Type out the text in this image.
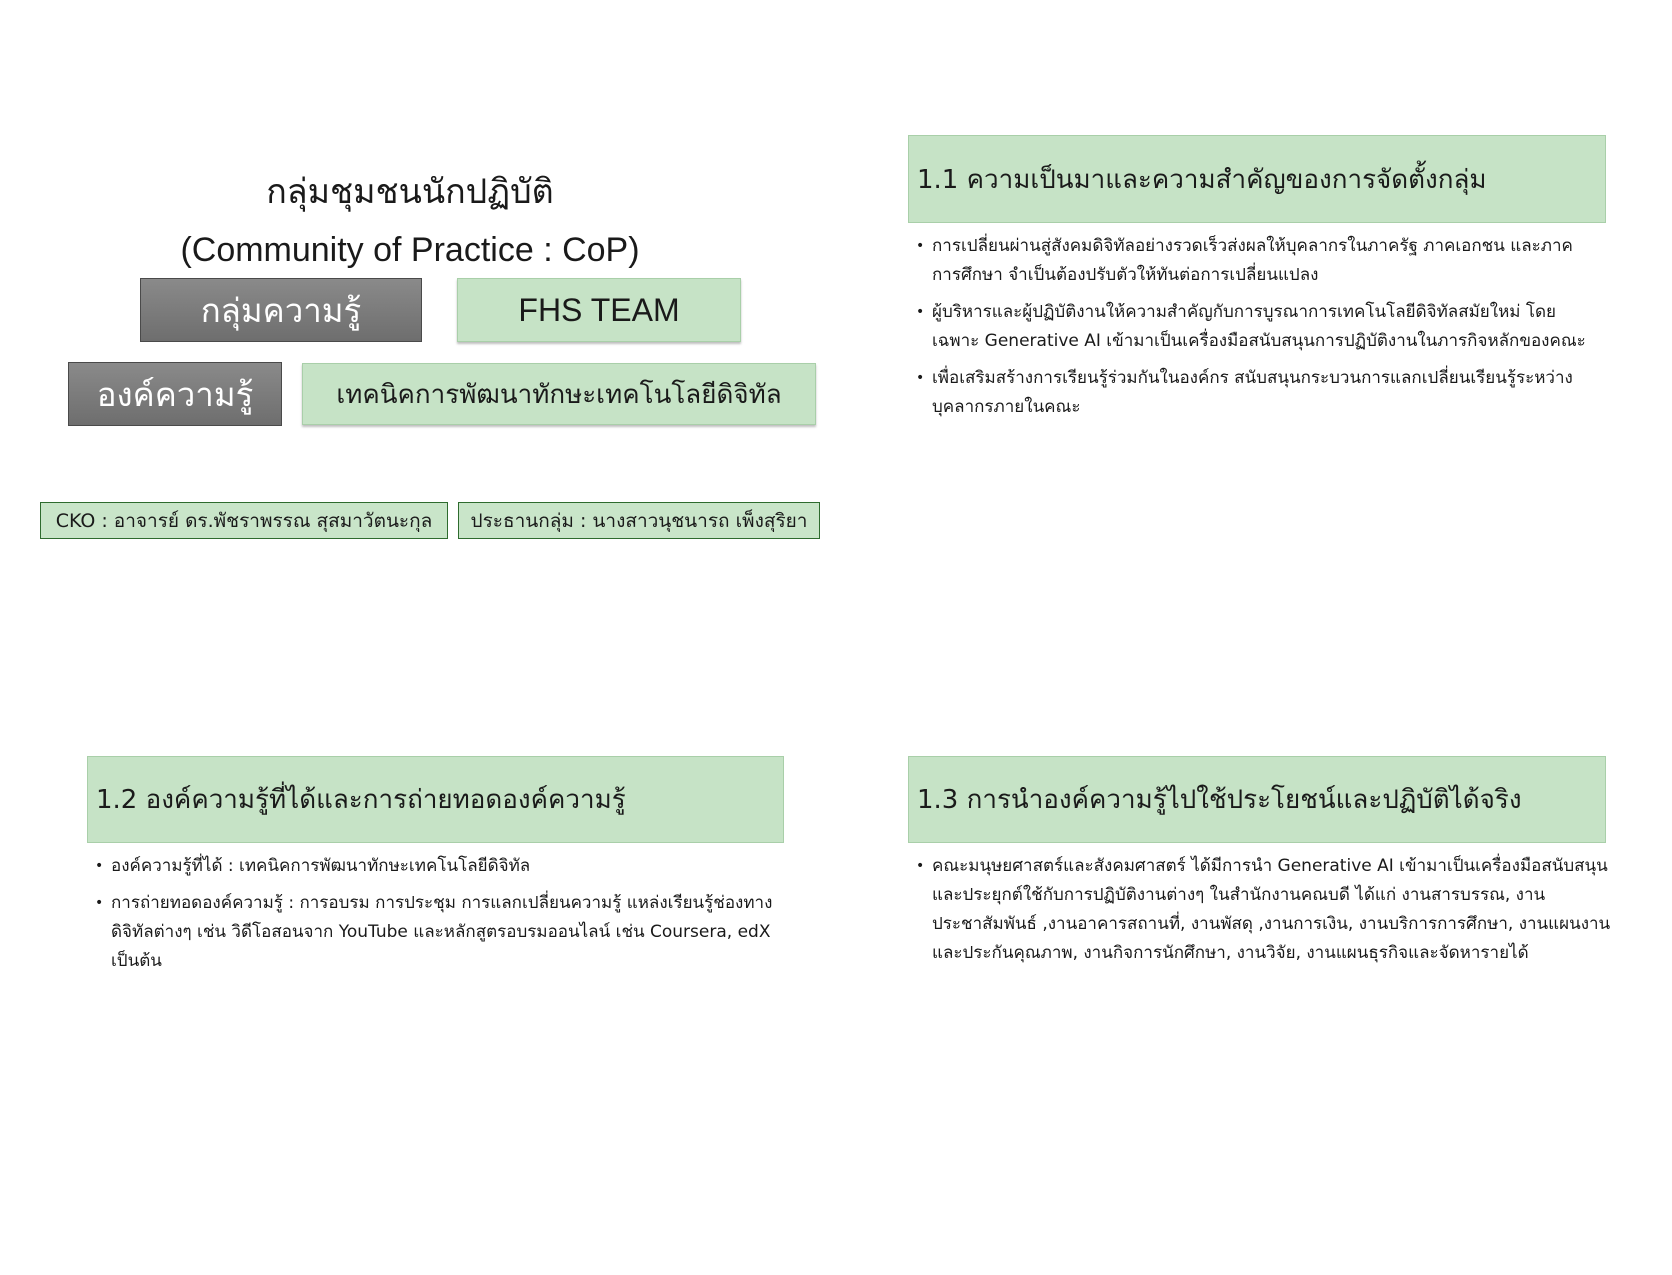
กลุ่มชุมชนนักปฏิบัติ
(Community of Practice : CoP)
กลุ่มความรู้	FHS TEAM
องค์ความรู้	เทคนิคการพัฒนาทักษะเทคโนโลยีดิจิทัล
CKO : อาจารย์ ดร.พัชราพรรณ สุสมาวัตนะกุล ประธานกลุ่ม : นางสาวนุชนารถ เพ็งสุริยา
1.1 ความเป็นมาและความสำคัญของการจัดตั้งกลุ่ม
• การเปลี่ยนผ่านสู่สังคมดิจิทัลอย่างรวดเร็วส่งผลให้บุคลากรในภาครัฐ ภาคเอกชน และภาคการศึกษา จำเป็นต้องปรับตัวให้ทันต่อการเปลี่ยนแปลง
• ผู้บริหารและผู้ปฏิบัติงานให้ความสำคัญกับการบูรณาการเทคโนโลยีดิจิทัลสมัยใหม่ โดยเฉพาะ Generative AI เข้ามาเป็นเครื่องมือสนับสนุนการปฏิบัติงานในภารกิจหลักของคณะ
• เพื่อเสริมสร้างการเรียนรู้ร่วมกันในองค์กร สนับสนุนกระบวนการแลกเปลี่ยนเรียนรู้ระหว่างบุคลากรภายในคณะ
1.2 องค์ความรู้ที่ได้และการถ่ายทอดองค์ความรู้
• องค์ความรู้ที่ได้ : เทคนิคการพัฒนาทักษะเทคโนโลยีดิจิทัล
• การถ่ายทอดองค์ความรู้ : การอบรม การประชุม การแลกเปลี่ยนความรู้ แหล่งเรียนรู้ช่องทางดิจิทัลต่างๆ เช่น วิดีโอสอนจาก YouTube และหลักสูตรอบรมออนไลน์ เช่น Coursera, edX เป็นต้น
1.3 การนำองค์ความรู้ไปใช้ประโยชน์และปฏิบัติได้จริง
• คณะมนุษยศาสตร์และสังคมศาสตร์ ได้มีการนำ Generative AI เข้ามาเป็นเครื่องมือสนับสนุนและประยุกต์ใช้กับการปฏิบัติงานต่างๆ ในสำนักงานคณบดี ได้แก่ งานสารบรรณ, งานประชาสัมพันธ์ ,งานอาคารสถานที่, งานพัสดุ ,งานการเงิน, งานบริการการศึกษา, งานแผนงานและประกันคุณภาพ, งานกิจการนักศึกษา, งานวิจัย, งานแผนธุรกิจและจัดหารายได้
